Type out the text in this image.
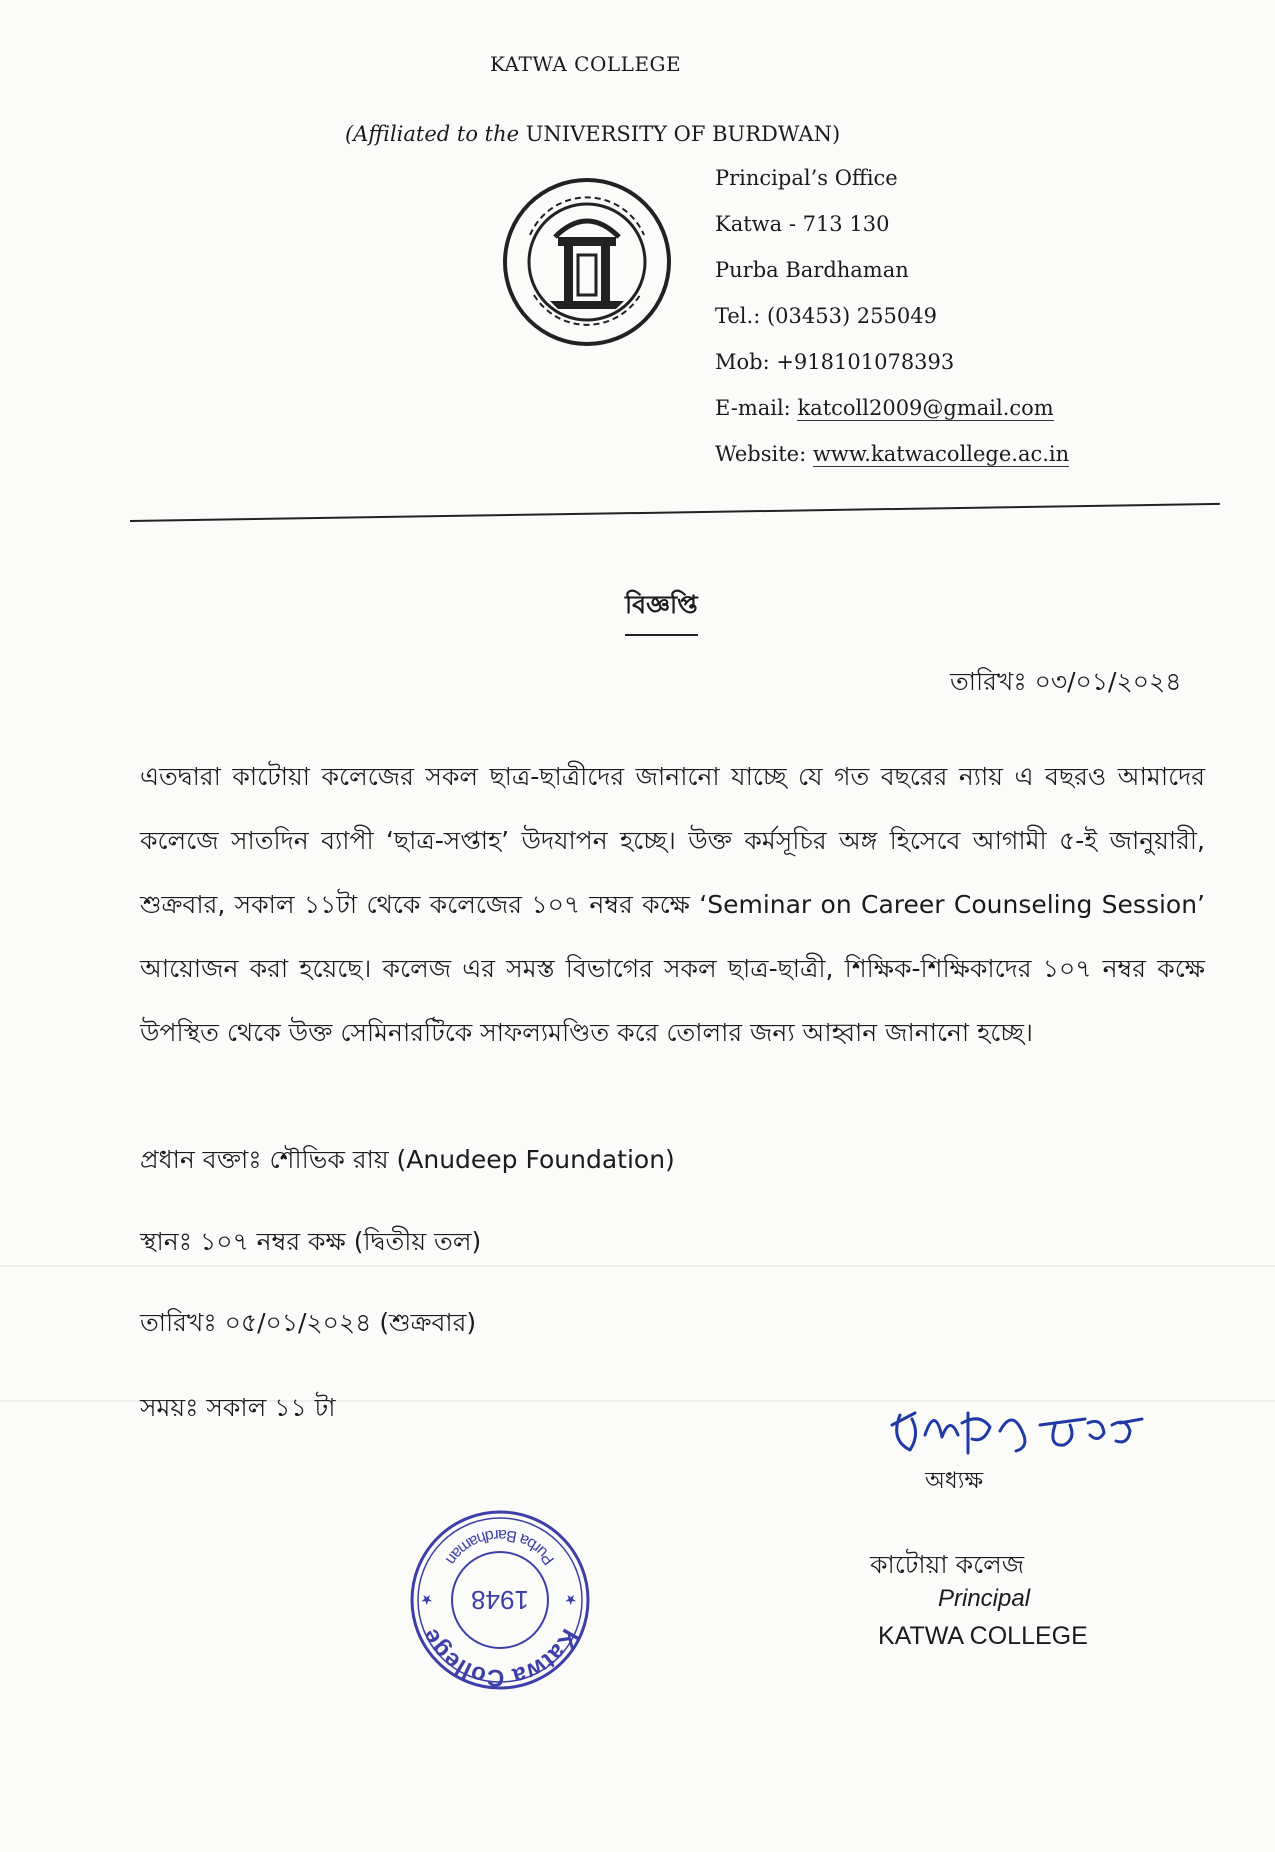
KATWA COLLEGE
(Affiliated to the UNIVERSITY OF BURDWAN)
Principal’s Office
Katwa - 713 130
Purba Bardhaman
Tel.: (03453) 255049
Mob: +918101078393
E-mail: katcoll2009@gmail.com
Website: www.katwacollege.ac.in
বিজ্ঞপ্তি
তারিখঃ ০৩/০১/২০২৪
এতদ্বারা কাটোয়া কলেজের সকল ছাত্র-ছাত্রীদের জানানো যাচ্ছে যে গত বছরের ন্যায় এ বছরও আমাদের কলেজে সাতদিন ব্যাপী ‘ছাত্র-সপ্তাহ’ উদযাপন হচ্ছে। উক্ত কর্মসূচির অঙ্গ হিসেবে আগামী ৫-ই জানুয়ারী, শুক্রবার, সকাল ১১টা থেকে কলেজের ১০৭ নম্বর কক্ষে ‘Seminar on Career Counseling Session’ আয়োজন করা হয়েছে। কলেজ এর সমস্ত বিভাগের সকল ছাত্র-ছাত্রী, শিক্ষিক-শিক্ষিকাদের ১০৭ নম্বর কক্ষে উপস্থিত থেকে উক্ত সেমিনারটিকে সাফল্যমণ্ডিত করে তোলার জন্য আহ্বান জানানো হচ্ছে।
প্রধান বক্তাঃ শৌভিক রায় (Anudeep Foundation)
স্থানঃ ১০৭ নম্বর কক্ষ (দ্বিতীয় তল)
তারিখঃ ০৫/০১/২০২৪ (শুক্রবার)
সময়ঃ সকাল ১১ টা
অধ্যক্ষ
কাটোয়া কলেজ
Principal
KATWA COLLEGE
Katwa College
Purba Bardhaman
1948	★
★
